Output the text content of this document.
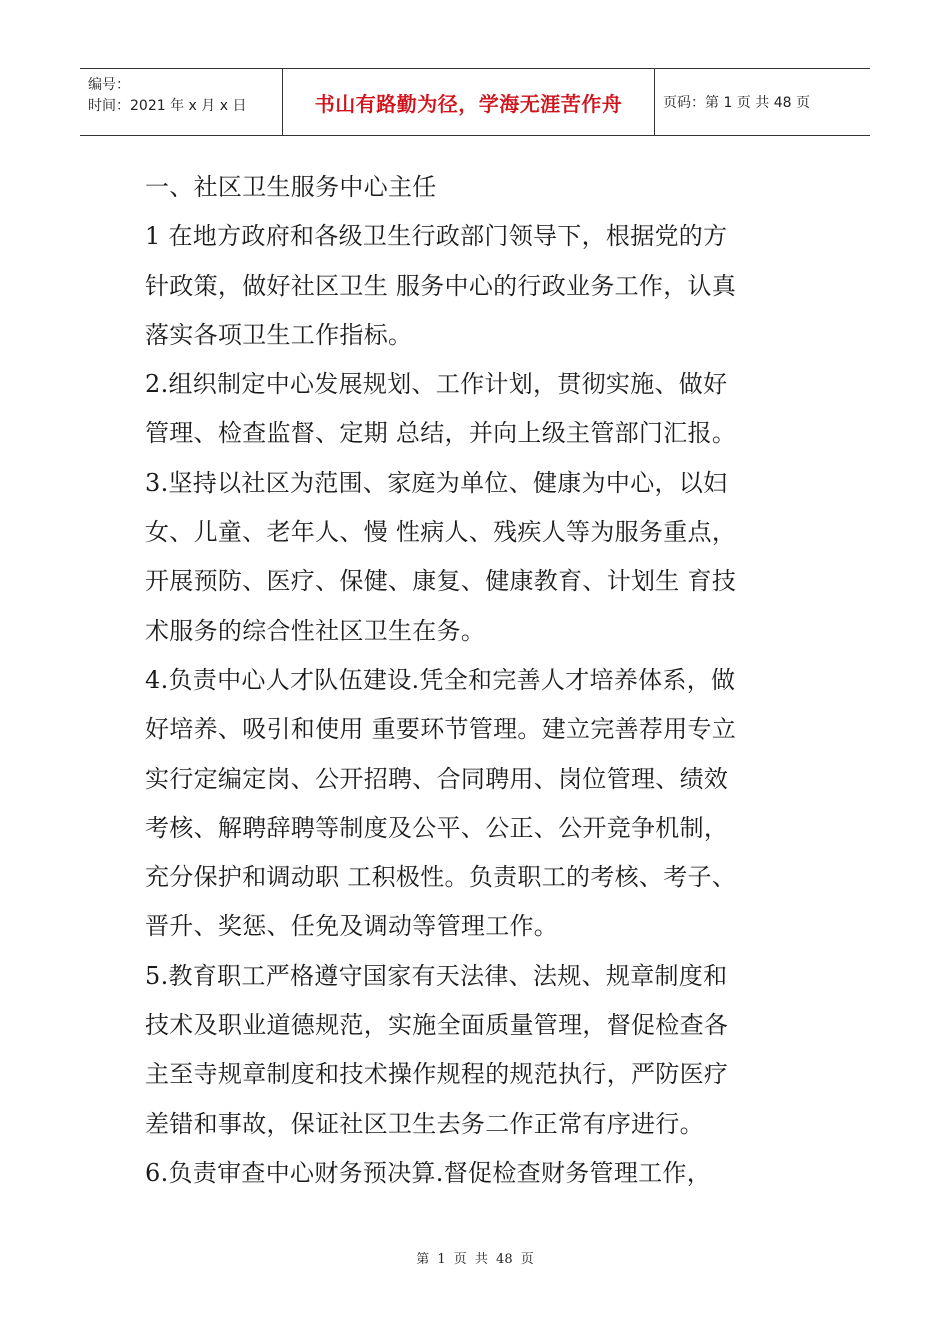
编号：
时间：2021 年 x 月 x 日	书山有路勤为径，学海无涯苦作舟	页码：第 1 页 共 48 页
一、社区卫生服务中心主任
1 在地方政府和各级卫生行政部门领导下，根据党的方
针政策，做好社区卫生 服务中心的行政业务工作，认真
落实各项卫生工作指标。
2.组织制定中心发展规划、工作计划，贯彻实施、做好
管理、检查监督、定期 总结，并向上级主管部门汇报。
3.坚持以社区为范围、家庭为单位、健康为中心，以妇
女、儿童、老年人、慢 性病人、残疾人等为服务重点，
开展预防、医疗、保健、康复、健康教育、计划生 育技
术服务的综合性社区卫生在务。
4.负责中心人才队伍建设.凭全和完善人才培养体系，做
好培养、吸引和使用 重要环节管理。建立完善荐用专立
实行定编定岗、公开招聘、合同聘用、岗位管理、绩效
考核、解聘辞聘等制度及公平、公正、公开竞争机制，
充分保护和调动职 工积极性。负责职工的考核、考子、
晋升、奖惩、任免及调动等管理工作。
5.教育职工严格遵守国家有天法律、法规、规章制度和
技术及职业道德规范，实施全面质量管理，督促检查各
主至寺规章制度和技术操作规程的规范执行，严防医疗
差错和事故，保证社区卫生去务二作正常有序进行。
6.负责审查中心财务预决算.督促检查财务管理工作，
第 1 页 共 48 页
